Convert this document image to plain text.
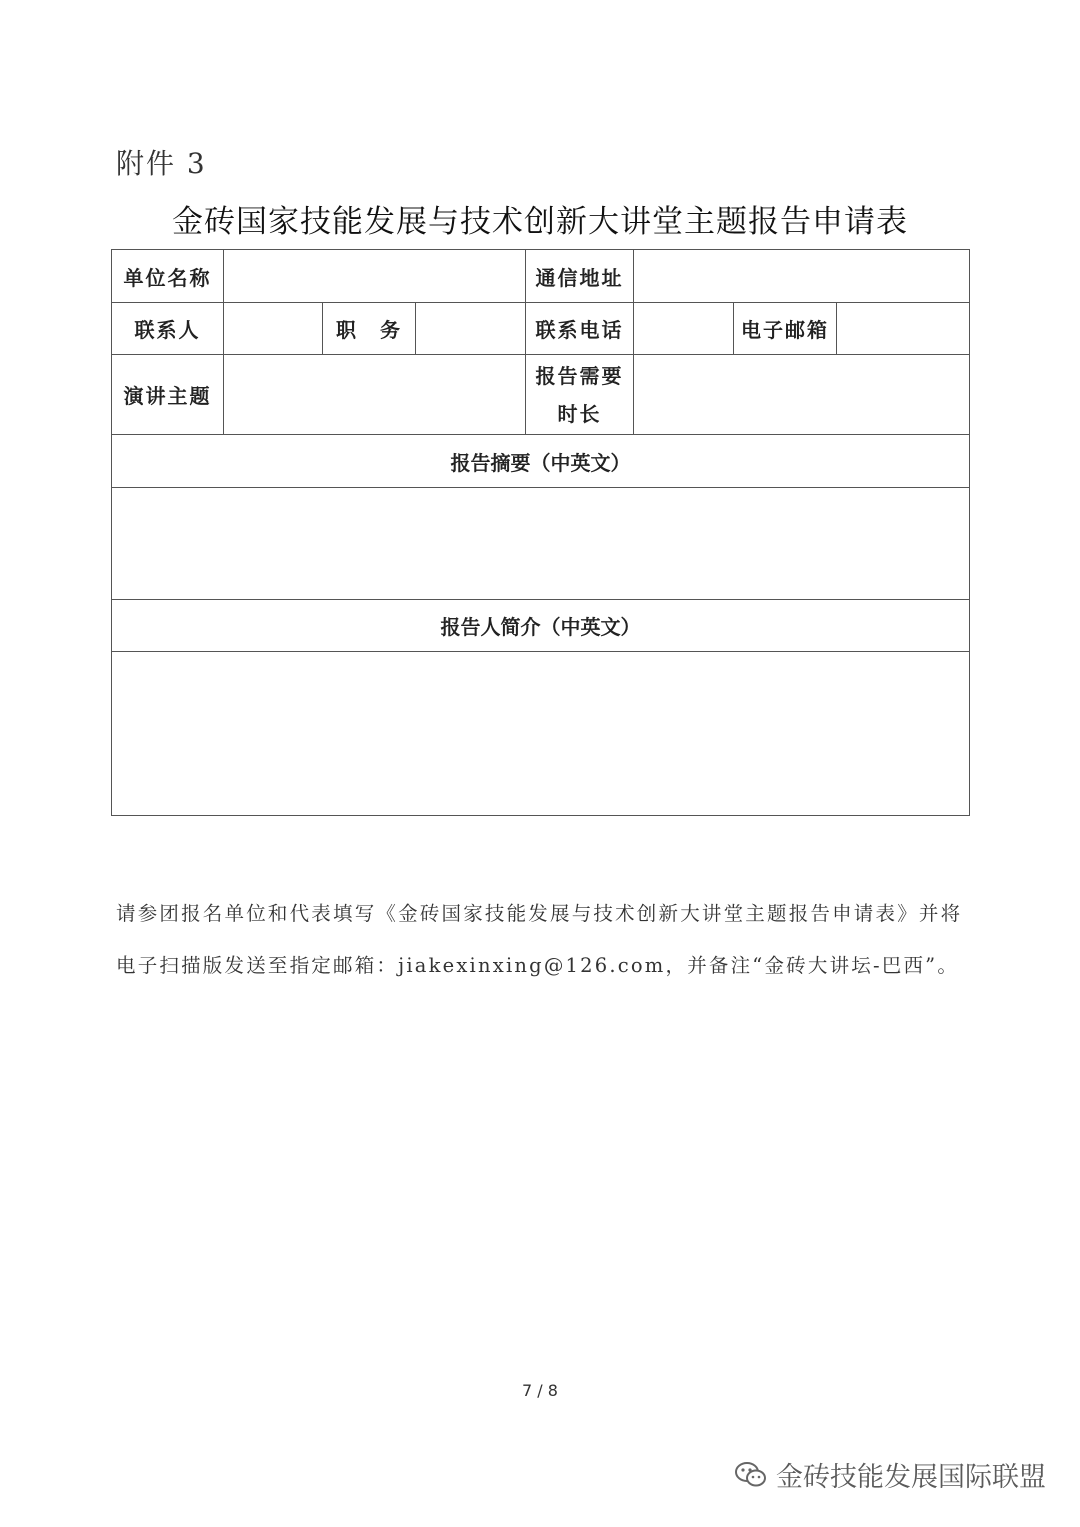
附件 3
金砖国家技能发展与技术创新大讲堂主题报告申请表
单位名称				通信地址			
联系人		职　务		联系电话		电子邮箱	
演讲主题				报告需要
时长			

报告摘要（中英文）							

报告人简介（中英文）							

请参团报名单位和代表填写《金砖国家技能发展与技术创新大讲堂主题报告申请表》并将
电子扫描版发送至指定邮箱：jiakexinxing@126.com，并备注“金砖大讲坛-巴西”。
7 / 8
金砖技能发展国际联盟
